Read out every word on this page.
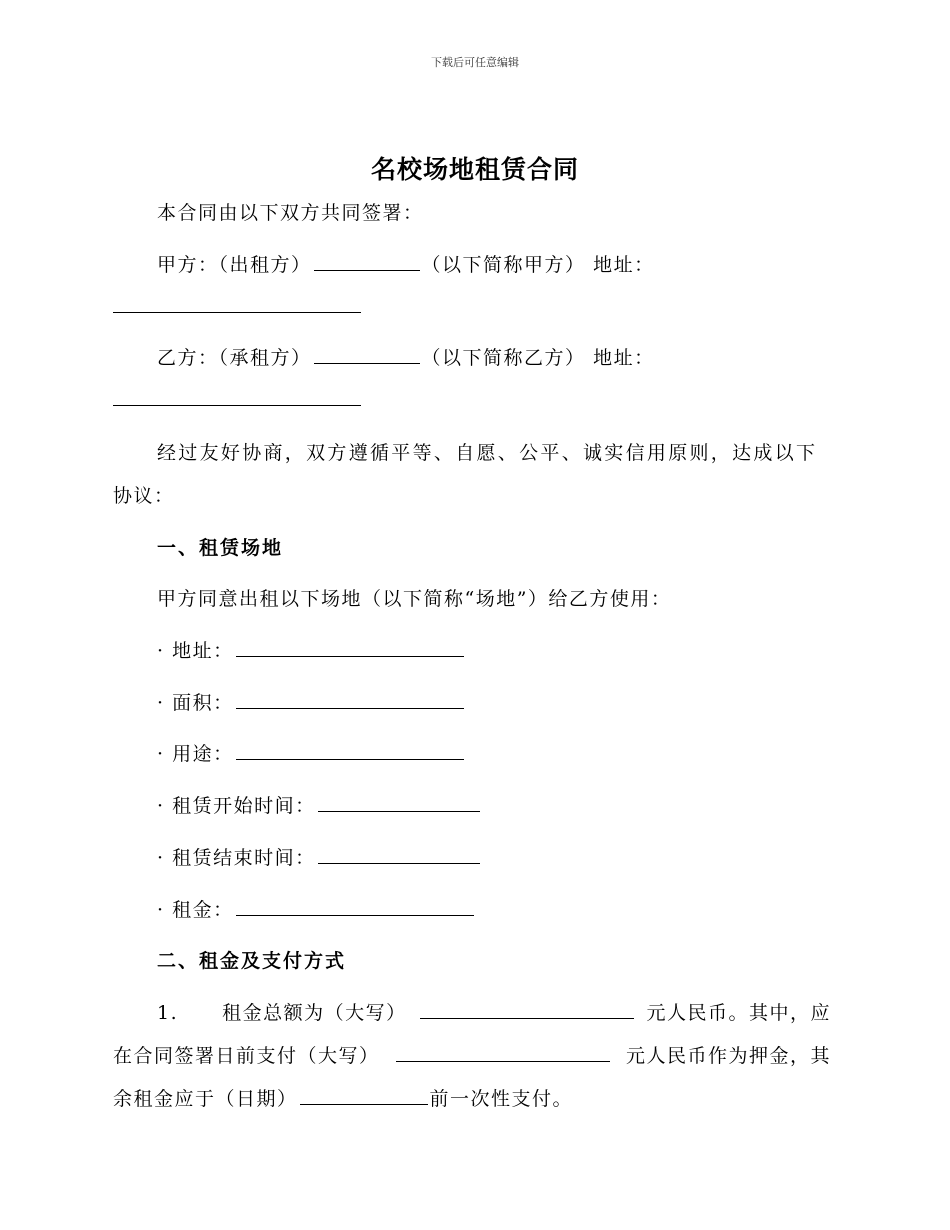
下载后可任意编辑
名校场地租赁合同
本合同由以下双方共同签署：
甲方：（出租方）	（以下简称甲方） 地址：
乙方：（承租方）	（以下简称乙方） 地址：
经过友好协商，双方遵循平等、自愿、公平、诚实信用原则，达成以下
协议：
一、租赁场地
甲方同意出租以下场地（以下简称“场地”）给乙方使用：
· 地址：
· 面积：
· 用途：
· 租赁开始时间：
· 租赁结束时间：
· 租金：
二、租金及支付方式
1. 租金总额为（大写）	元人民币。其中，应
在合同签署日前支付（大写）	元人民币作为押金，其
余租金应于（日期）	前一次性支付。
